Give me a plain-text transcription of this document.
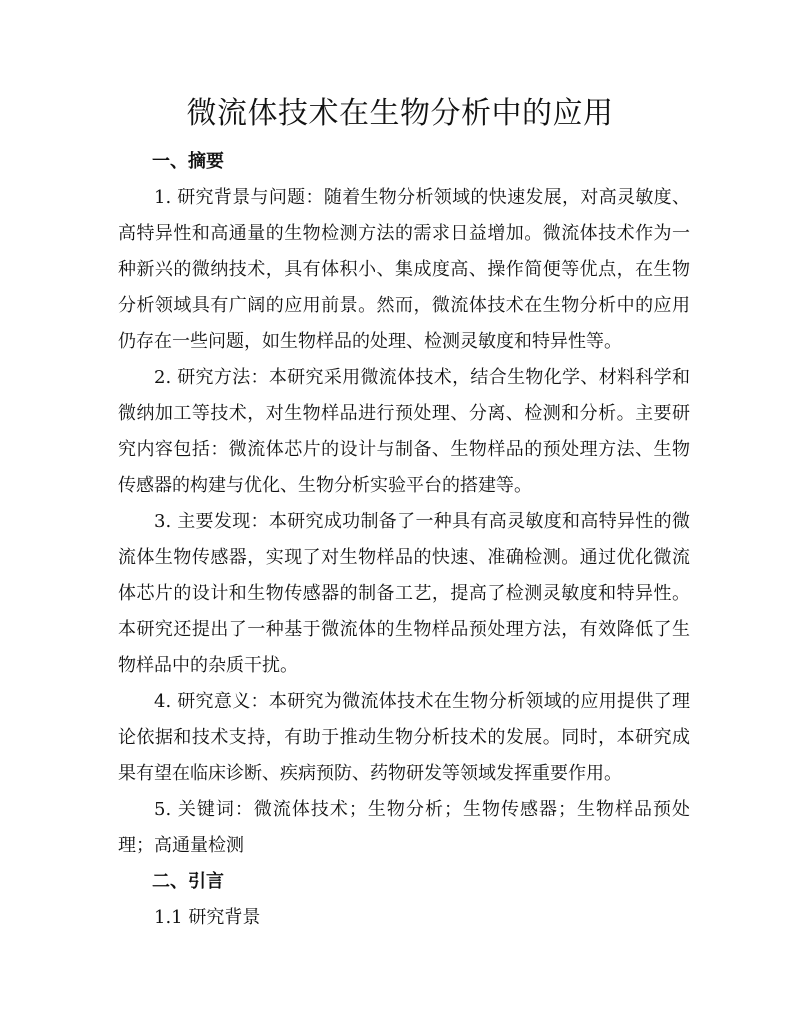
微流体技术在生物分析中的应用
一、摘要

1. 研究背景与问题：随着生物分析领域的快速发展，对高灵敏度、高特异性和高通量的生物检测方法的需求日益增加。微流体技术作为一种新兴的微纳技术，具有体积小、集成度高、操作简便等优点，在生物分析领域具有广阔的应用前景。然而，微流体技术在生物分析中的应用仍存在一些问题，如生物样品的处理、检测灵敏度和特异性等。

2. 研究方法：本研究采用微流体技术，结合生物化学、材料科学和微纳加工等技术，对生物样品进行预处理、分离、检测和分析。主要研究内容包括：微流体芯片的设计与制备、生物样品的预处理方法、生物传感器的构建与优化、生物分析实验平台的搭建等。

3. 主要发现：本研究成功制备了一种具有高灵敏度和高特异性的微流体生物传感器，实现了对生物样品的快速、准确检测。通过优化微流体芯片的设计和生物传感器的制备工艺，提高了检测灵敏度和特异性。本研究还提出了一种基于微流体的生物样品预处理方法，有效降低了生物样品中的杂质干扰。

4. 研究意义：本研究为微流体技术在生物分析领域的应用提供了理论依据和技术支持，有助于推动生物分析技术的发展。同时，本研究成果有望在临床诊断、疾病预防、药物研发等领域发挥重要作用。

5. 关键词：微流体技术；生物分析；生物传感器；生物样品预处理；高通量检测

二、引言

1.1 研究背景
